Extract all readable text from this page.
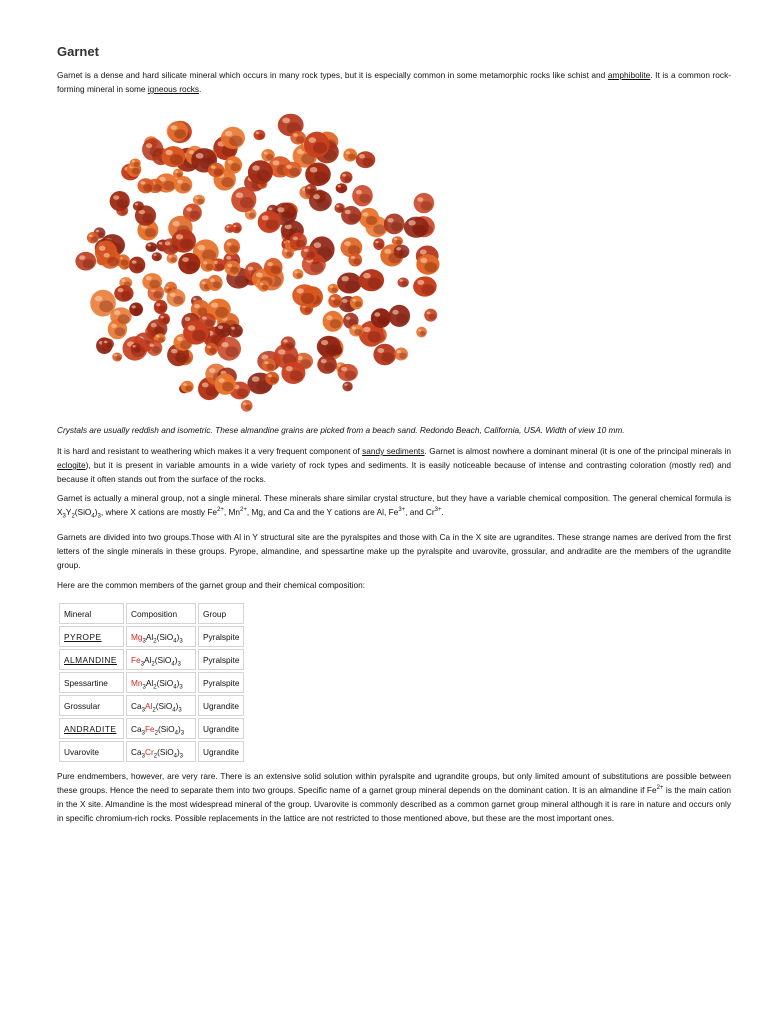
Garnet

Garnet is a dense and hard silicate mineral which occurs in many rock types, but it is especially common in some metamorphic rocks like schist and amphibolite. It is a common rock-forming mineral in some igneous rocks.

Crystals are usually reddish and isometric. These almandine grains are picked from a beach sand. Redondo Beach, California, USA. Width of view 10 mm.

It is hard and resistant to weathering which makes it a very frequent component of sandy sediments. Garnet is almost nowhere a dominant mineral (it is one of the principal minerals in eclogite), but it is present in variable amounts in a wide variety of rock types and sediments. It is easily noticeable because of intense and contrasting coloration (mostly red) and because it often stands out from the surface of the rocks.

Garnet is actually a mineral group, not a single mineral. These minerals share similar crystal structure, but they have a variable chemical composition. The general chemical formula is $X_3Y_2(SiO_4)_3$, where X cations are mostly $Fe^{2+}$, $Mn^{2+}$, Mg, and Ca and the Y cations are Al, $Fe^{3+}$, and $Cr^{3+}$.

Garnets are divided into two groups.Those with Al in Y structural site are the pyralspites and those with Ca in the X site are ugrandites. These strange names are derived from the first letters of the single minerals in these groups. Pyrope, almandine, and spessartine make up the pyralspite and uvarovite, grossular, and andradite are the members of the ugrandite group.

Here are the common members of the garnet group and their chemical composition:

Mineral	Composition	Group
PYROPE	$Mg_3Al_2(SiO_4)_3$	Pyralspite
ALMANDINE	$Fe_3Al_2(SiO_4)_3$	Pyralspite
Spessartine	$Mn_3Al_2(SiO_4)_3$	Pyralspite
Grossular	$Ca_3Al_2(SiO_4)_3$	Ugrandite
ANDRADITE	$Ca_3Fe_2(SiO_4)_3$	Ugrandite
Uvarovite	$Ca_3Cr_2(SiO_4)_3$	Ugrandite

Pure endmembers, however, are very rare. There is an extensive solid solution within pyralspite and ugrandite groups, but only limited amount of substitutions are possible between these groups. Hence the need to separate them into two groups. Specific name of a garnet group mineral depends on the dominant cation. It is an almandine if $Fe^{2+}$ is the main cation in the X site. Almandine is the most widespread mineral of the group. Uvarovite is commonly described as a common garnet group mineral although it is rare in nature and occurs only in specific chromium-rich rocks. Possible replacements in the lattice are not restricted to those mentioned above, but these are the most important ones.
